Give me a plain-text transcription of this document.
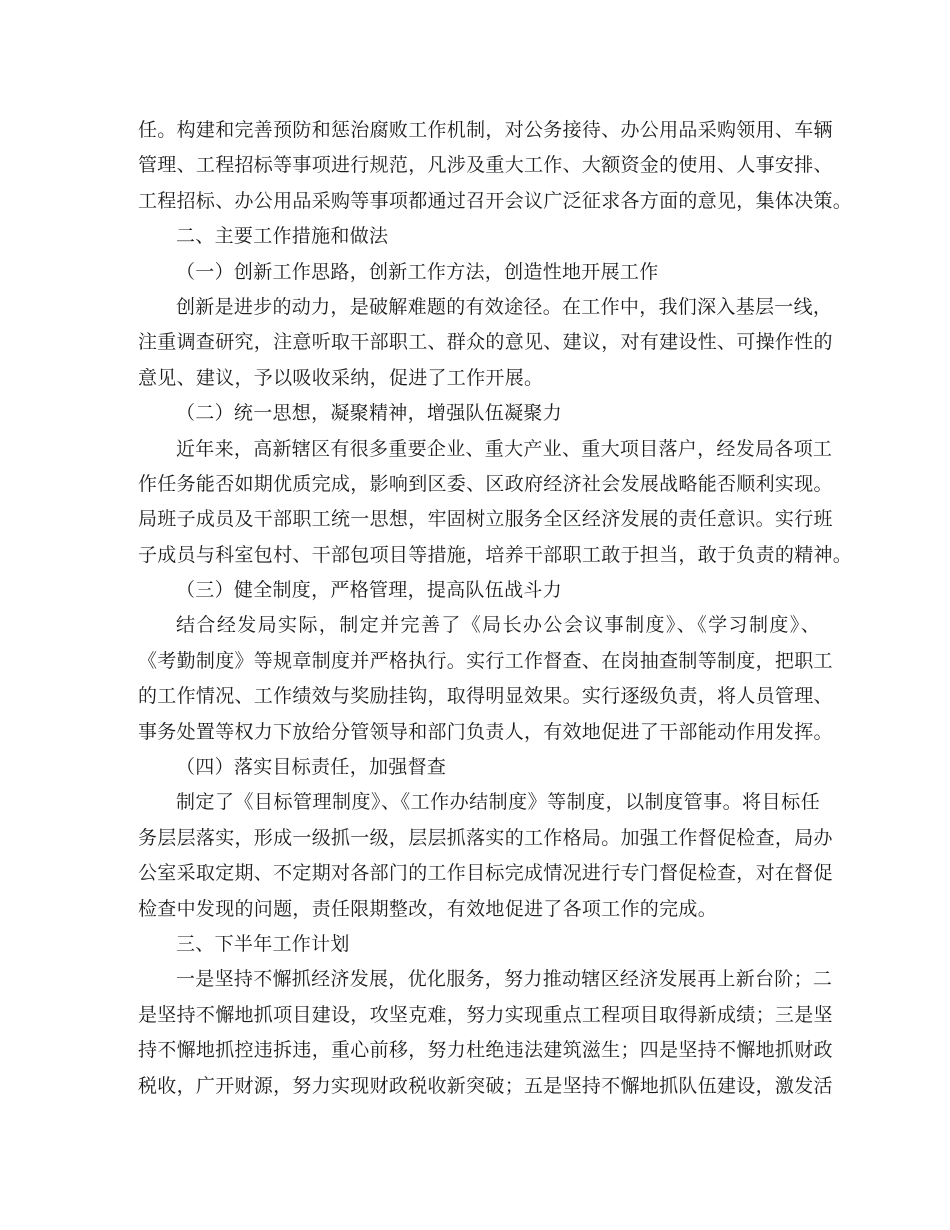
任。构建和完善预防和惩治腐败工作机制，对公务接待、办公用品采购领用、车辆
管理、工程招标等事项进行规范，凡涉及重大工作、大额资金的使用、人事安排、
工程招标、办公用品采购等事项都通过召开会议广泛征求各方面的意见，集体决策。
二、主要工作措施和做法
（一）创新工作思路，创新工作方法，创造性地开展工作
创新是进步的动力，是破解难题的有效途径。在工作中，我们深入基层一线，
注重调查研究，注意听取干部职工、群众的意见、建议，对有建设性、可操作性的
意见、建议，予以吸收采纳，促进了工作开展。
（二）统一思想，凝聚精神，增强队伍凝聚力
近年来，高新辖区有很多重要企业、重大产业、重大项目落户，经发局各项工
作任务能否如期优质完成，影响到区委、区政府经济社会发展战略能否顺利实现。
局班子成员及干部职工统一思想，牢固树立服务全区经济发展的责任意识。实行班
子成员与科室包村、干部包项目等措施，培养干部职工敢于担当，敢于负责的精神。
（三）健全制度，严格管理，提高队伍战斗力
结合经发局实际，制定并完善了《局长办公会议事制度》、《学习制度》、
《考勤制度》等规章制度并严格执行。实行工作督查、在岗抽查制等制度，把职工
的工作情况、工作绩效与奖励挂钩，取得明显效果。实行逐级负责，将人员管理、
事务处置等权力下放给分管领导和部门负责人，有效地促进了干部能动作用发挥。
（四）落实目标责任，加强督查
制定了《目标管理制度》、《工作办结制度》等制度，以制度管事。将目标任
务层层落实，形成一级抓一级，层层抓落实的工作格局。加强工作督促检查，局办
公室采取定期、不定期对各部门的工作目标完成情况进行专门督促检查，对在督促
检查中发现的问题，责任限期整改，有效地促进了各项工作的完成。
三、下半年工作计划
一是坚持不懈抓经济发展，优化服务，努力推动辖区经济发展再上新台阶；二
是坚持不懈地抓项目建设，攻坚克难，努力实现重点工程项目取得新成绩；三是坚
持不懈地抓控违拆违，重心前移，努力杜绝违法建筑滋生；四是坚持不懈地抓财政
税收，广开财源，努力实现财政税收新突破；五是坚持不懈地抓队伍建设，激发活
